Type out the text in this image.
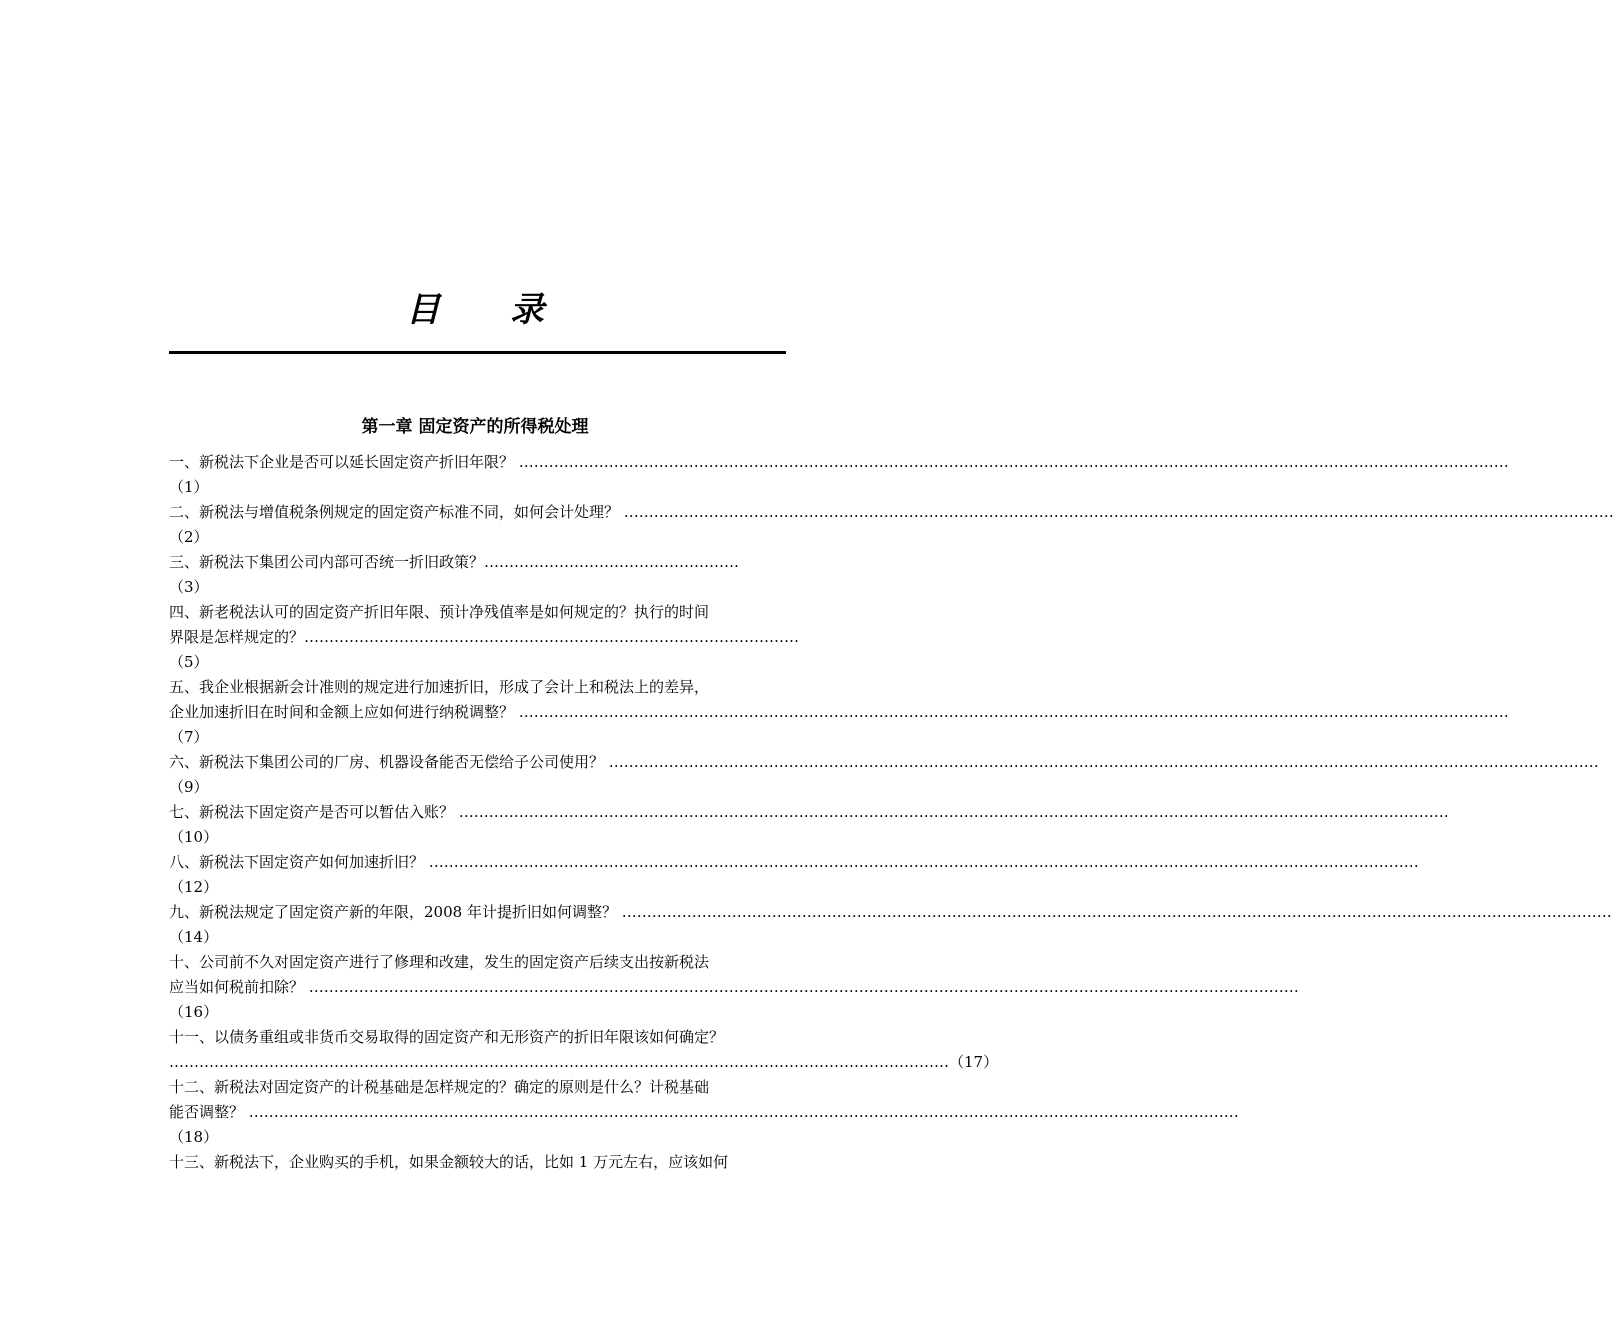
目 录
第一章 固定资产的所得税处理
一、新税法下企业是否可以延长固定资产折旧年限？ ………………………………………………………………………………………………………………………………………………………………………………
（1）
二、新税法与增值税条例规定的固定资产标准不同，如何会计处理？ ………………………………………………………………………………………………………………………………………………………………………………
（2）
三、新税法下集团公司内部可否统一折旧政策？……………………………………………
（3）
四、新老税法认可的固定资产折旧年限、预计净残值率是如何规定的？执行的时间
界限是怎样规定的？………………………………………………………………………………………
（5）
五、我企业根据新会计准则的规定进行加速折旧，形成了会计上和税法上的差异，
企业加速折旧在时间和金额上应如何进行纳税调整？ ………………………………………………………………………………………………………………………………………………………………………………
（7）
六、新税法下集团公司的厂房、机器设备能否无偿给子公司使用？ ………………………………………………………………………………………………………………………………………………………………………………
（9）
七、新税法下固定资产是否可以暂估入账？ ………………………………………………………………………………………………………………………………………………………………………………
（10）
八、新税法下固定资产如何加速折旧？ ………………………………………………………………………………………………………………………………………………………………………………
（12）
九、新税法规定了固定资产新的年限，2008 年计提折旧如何调整？ ………………………………………………………………………………………………………………………………………………………………………………
（14）
十、公司前不久对固定资产进行了修理和改建，发生的固定资产后续支出按新税法
应当如何税前扣除？ ………………………………………………………………………………………………………………………………………………………………………………
（16）
十一、以债务重组或非货币交易取得的固定资产和无形资产的折旧年限该如何确定？
………………………………………………………………………………………………………………………………………… （17）
十二、新税法对固定资产的计税基础是怎样规定的？确定的原则是什么？计税基础
能否调整？ ………………………………………………………………………………………………………………………………………………………………………………
（18）
十三、新税法下，企业购买的手机，如果金额较大的话，比如 1 万元左右，应该如何
